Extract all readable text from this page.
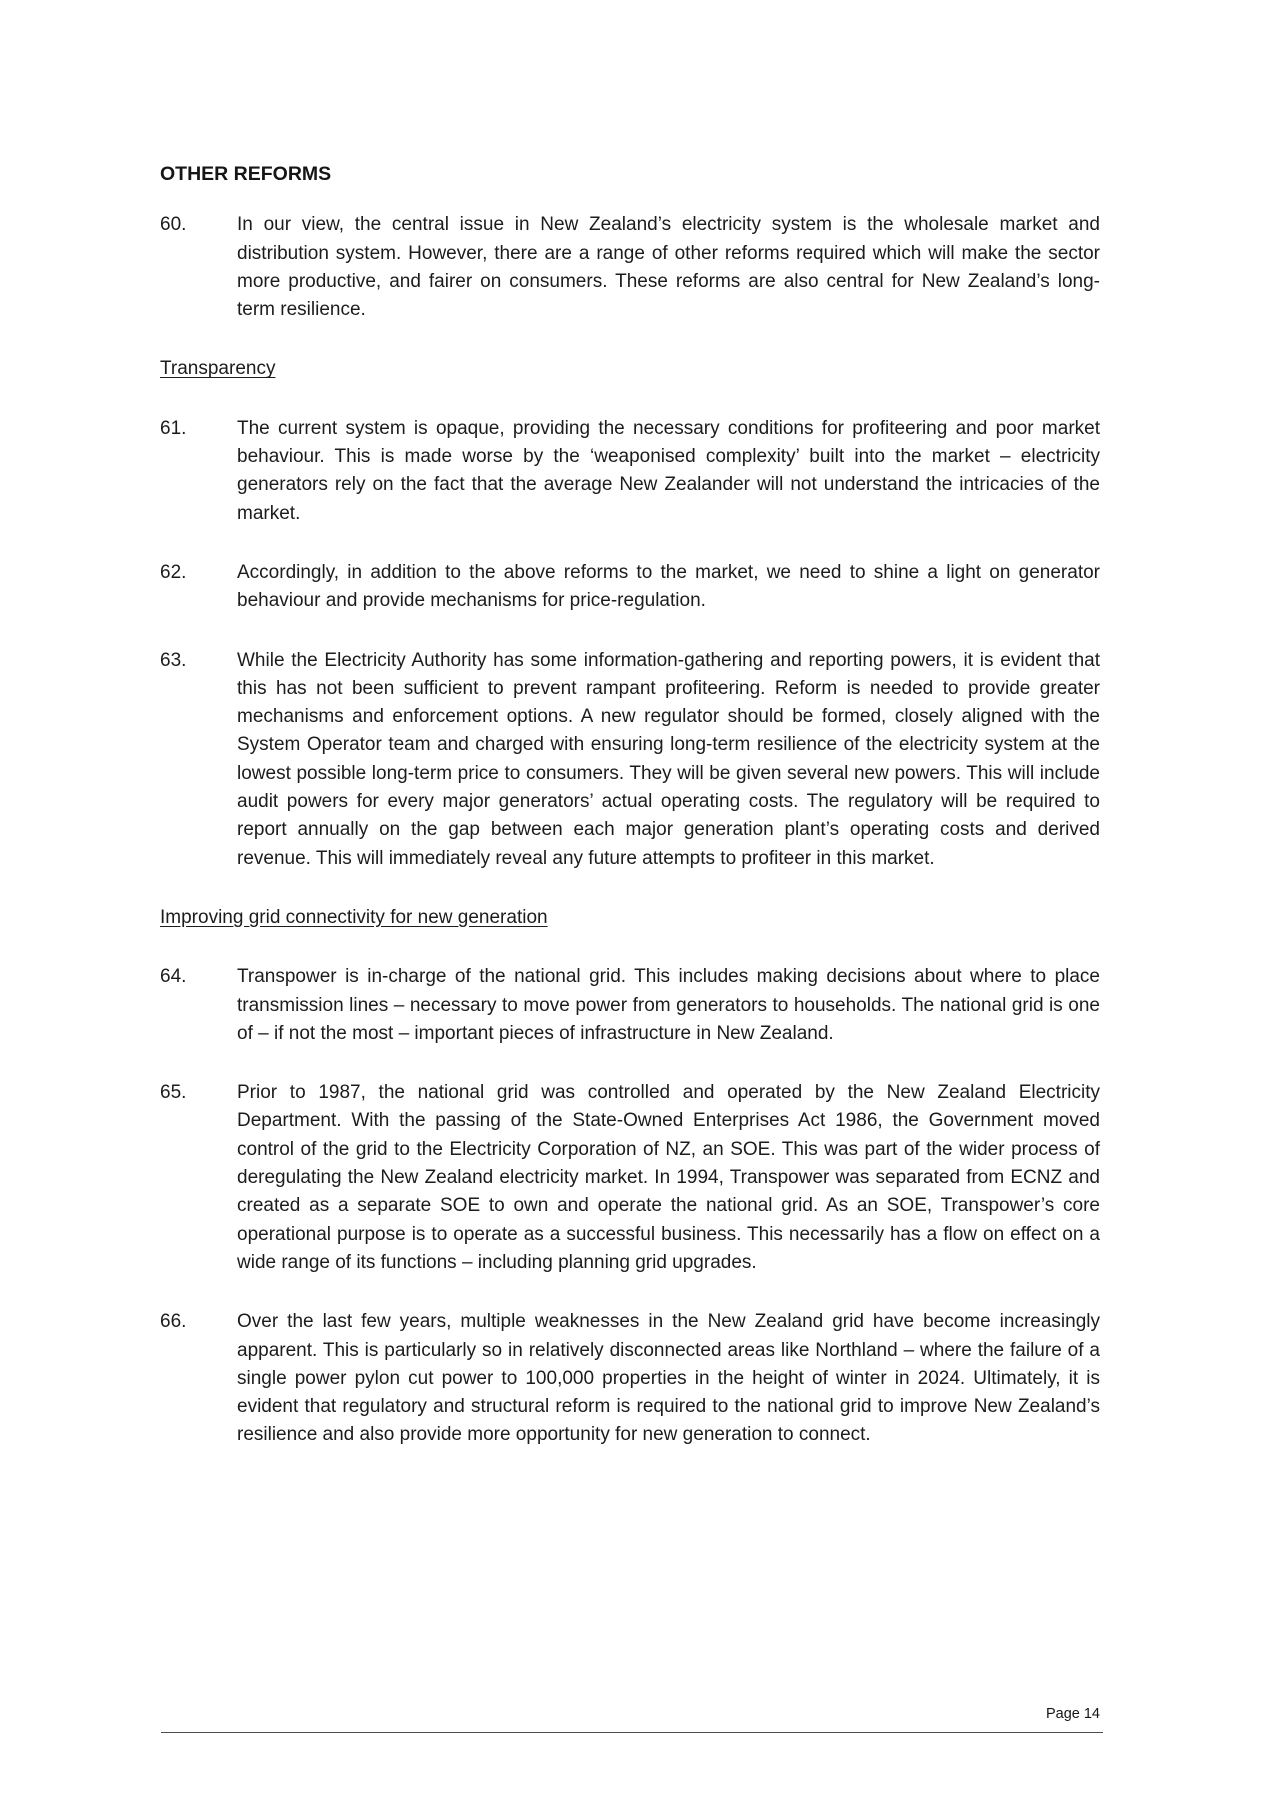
OTHER REFORMS
60.	In our view, the central issue in New Zealand’s electricity system is the wholesale market and distribution system. However, there are a range of other reforms required which will make the sector more productive, and fairer on consumers. These reforms are also central for New Zealand’s long-term resilience.

Transparency
61.	The current system is opaque, providing the necessary conditions for profiteering and poor market behaviour. This is made worse by the ‘weaponised complexity’ built into the market – electricity generators rely on the fact that the average New Zealander will not understand the intricacies of the market.

62.	Accordingly, in addition to the above reforms to the market, we need to shine a light on generator behaviour and provide mechanisms for price-regulation.

63.	While the Electricity Authority has some information-gathering and reporting powers, it is evident that this has not been sufficient to prevent rampant profiteering. Reform is needed to provide greater mechanisms and enforcement options. A new regulator should be formed, closely aligned with the System Operator team and charged with ensuring long-term resilience of the electricity system at the lowest possible long-term price to consumers. They will be given several new powers. This will include audit powers for every major generators’ actual operating costs. The regulatory will be required to report annually on the gap between each major generation plant’s operating costs and derived revenue. This will immediately reveal any future attempts to profiteer in this market.

Improving grid connectivity for new generation
64.	Transpower is in-charge of the national grid. This includes making decisions about where to place transmission lines – necessary to move power from generators to households. The national grid is one of – if not the most – important pieces of infrastructure in New Zealand.

65.	Prior to 1987, the national grid was controlled and operated by the New Zealand Electricity Department. With the passing of the State-Owned Enterprises Act 1986, the Government moved control of the grid to the Electricity Corporation of NZ, an SOE. This was part of the wider process of deregulating the New Zealand electricity market. In 1994, Transpower was separated from ECNZ and created as a separate SOE to own and operate the national grid. As an SOE, Transpower’s core operational purpose is to operate as a successful business. This necessarily has a flow on effect on a wide range of its functions – including planning grid upgrades.

66.	Over the last few years, multiple weaknesses in the New Zealand grid have become increasingly apparent. This is particularly so in relatively disconnected areas like Northland – where the failure of a single power pylon cut power to 100,000 properties in the height of winter in 2024. Ultimately, it is evident that regulatory and structural reform is required to the national grid to improve New Zealand’s resilience and also provide more opportunity for new generation to connect.

Page 14
